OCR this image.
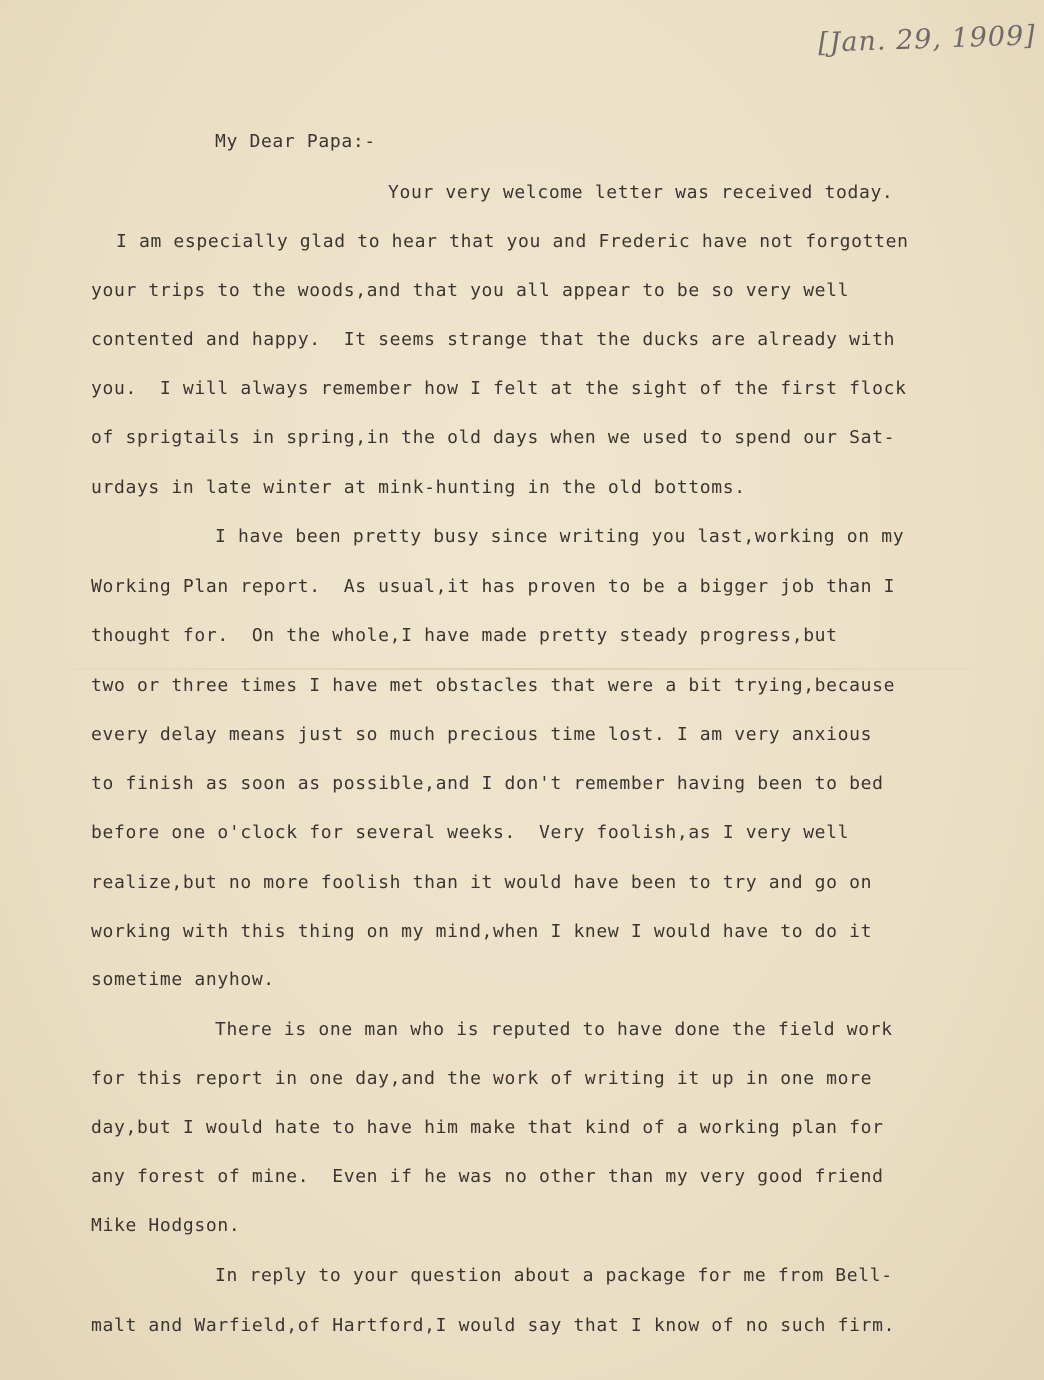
[Jan. 29, 1909]
My Dear Papa:-
Your very welcome letter was received today.
I am especially glad to hear that you and Frederic have not forgotten
your trips to the woods,and that you all appear to be so very well
contented and happy.  It seems strange that the ducks are already with
you.  I will always remember how I felt at the sight of the first flock
of sprigtails in spring,in the old days when we used to spend our Sat-
urdays in late winter at mink-hunting in the old bottoms.
I have been pretty busy since writing you last,working on my
Working Plan report.  As usual,it has proven to be a bigger job than I
thought for.  On the whole,I have made pretty steady progress,but
two or three times I have met obstacles that were a bit trying,because
every delay means just so much precious time lost. I am very anxious
to finish as soon as possible,and I don't remember having been to bed
before one o'clock for several weeks.  Very foolish,as I very well
realize,but no more foolish than it would have been to try and go on
working with this thing on my mind,when I knew I would have to do it
sometime anyhow.
There is one man who is reputed to have done the field work
for this report in one day,and the work of writing it up in one more
day,but I would hate to have him make that kind of a working plan for
any forest of mine.  Even if he was no other than my very good friend
Mike Hodgson.
In reply to your question about a package for me from Bell-
malt and Warfield,of Hartford,I would say that I know of no such firm.
